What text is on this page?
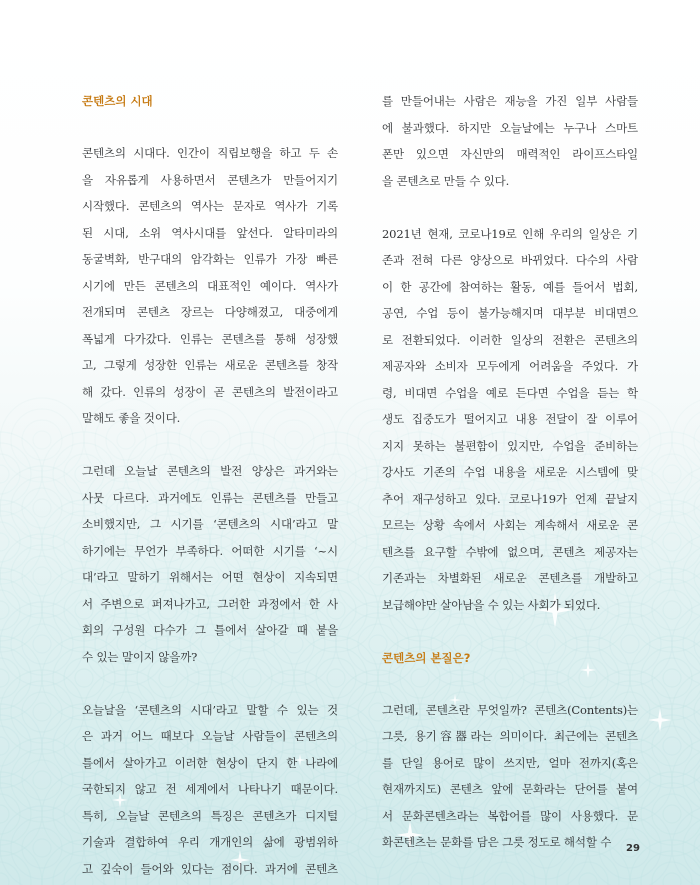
콘텐츠의 시대
콘텐츠의 시대다. 인간이 직립보행을 하고 두 손
을 자유롭게 사용하면서 콘텐츠가 만들어지기
시작했다. 콘텐츠의 역사는 문자로 역사가 기록
된 시대, 소위 역사시대를 앞선다. 알타미라의
동굴벽화, 반구대의 암각화는 인류가 가장 빠른
시기에 만든 콘텐츠의 대표적인 예이다. 역사가
전개되며 콘텐츠 장르는 다양해졌고, 대중에게
폭넓게 다가갔다. 인류는 콘텐츠를 통해 성장했
고, 그렇게 성장한 인류는 새로운 콘텐츠를 창작
해 갔다. 인류의 성장이 곧 콘텐츠의 발전이라고
말해도 좋을 것이다.
그런데 오늘날 콘텐츠의 발전 양상은 과거와는
사뭇 다르다. 과거에도 인류는 콘텐츠를 만들고
소비했지만, 그 시기를 ‘콘텐츠의 시대’라고 말
하기에는 무언가 부족하다. 어떠한 시기를 ‘~시
대’라고 말하기 위해서는 어떤 현상이 지속되면
서 주변으로 퍼져나가고, 그러한 과정에서 한 사
회의 구성원 다수가 그 틀에서 살아갈 때 붙을
수 있는 말이지 않을까?
오늘날을 ‘콘텐츠의 시대’라고 말할 수 있는 것
은 과거 어느 때보다 오늘날 사람들이 콘텐츠의
틀에서 살아가고 이러한 현상이 단지 한 나라에
국한되지 않고 전 세계에서 나타나기 때문이다.
특히, 오늘날 콘텐츠의 특징은 콘텐츠가 디지털
기술과 결합하여 우리 개개인의 삶에 광범위하
고 깊숙이 들어와 있다는 점이다. 과거에 콘텐츠
를 만들어내는 사람은 재능을 가진 일부 사람들
에 불과했다. 하지만 오늘날에는 누구나 스마트
폰만 있으면 자신만의 매력적인 라이프스타일
을 콘텐츠로 만들 수 있다.
2021년 현재, 코로나19로 인해 우리의 일상은 기
존과 전혀 다른 양상으로 바뀌었다. 다수의 사람
이 한 공간에 참여하는 활동, 예를 들어서 법회,
공연, 수업 등이 불가능해지며 대부분 비대면으
로 전환되었다. 이러한 일상의 전환은 콘텐츠의
제공자와 소비자 모두에게 어려움을 주었다. 가
령, 비대면 수업을 예로 든다면 수업을 듣는 학
생도 집중도가 떨어지고 내용 전달이 잘 이루어
지지 못하는 불편함이 있지만, 수업을 준비하는
강사도 기존의 수업 내용을 새로운 시스템에 맞
추어 재구성하고 있다. 코로나19가 언제 끝날지
모르는 상황 속에서 사회는 계속해서 새로운 콘
텐츠를 요구할 수밖에 없으며, 콘텐츠 제공자는
기존과는 차별화된 새로운 콘텐츠를 개발하고
보급해야만 살아남을 수 있는 사회가 되었다.
콘텐츠의 본질은?
그런데, 콘텐츠란 무엇일까? 콘텐츠(Contents)는
그릇, 용기容器라는 의미이다. 최근에는 콘텐츠
를 단일 용어로 많이 쓰지만, 얼마 전까지(혹은
현재까지도) 콘텐츠 앞에 문화라는 단어를 붙여
서 문화콘텐츠라는 복합어를 많이 사용했다. 문
화콘텐츠는 문화를 담은 그릇 정도로 해석할 수	29
